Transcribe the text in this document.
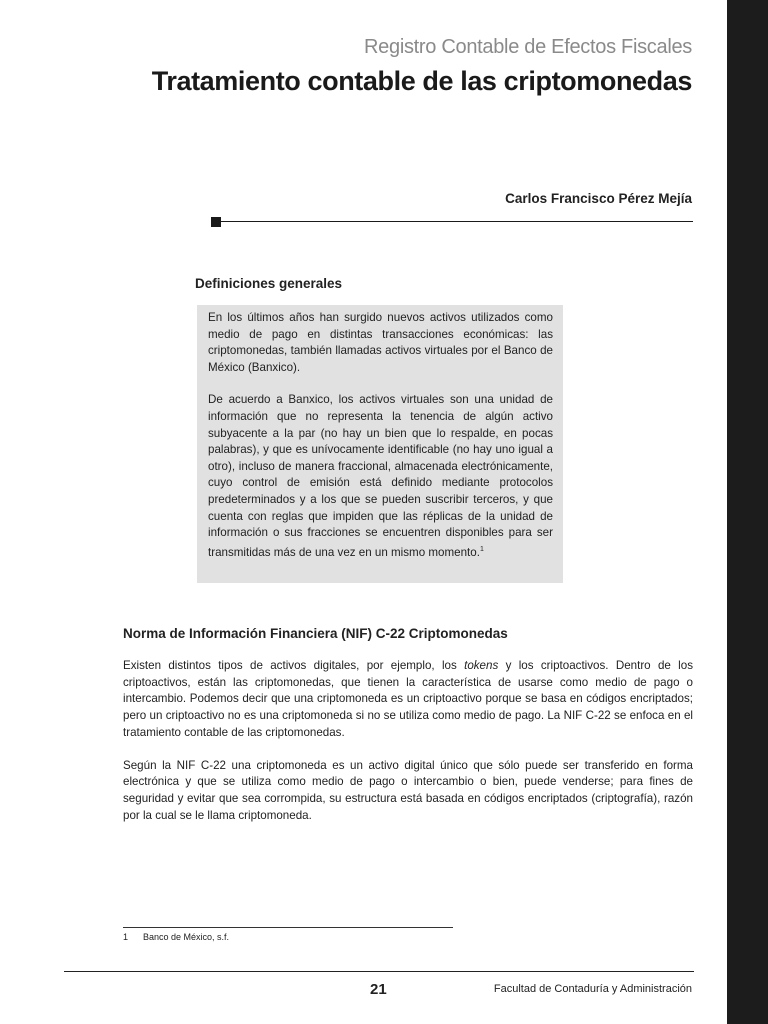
Registro Contable de Efectos Fiscales
Tratamiento contable de las criptomonedas
Carlos Francisco Pérez Mejía
Definiciones generales

En los últimos años han surgido nuevos activos utilizados como medio de pago en distintas transacciones económicas: las criptomonedas, también llamadas activos virtuales por el Banco de México (Banxico).

De acuerdo a Banxico, los activos virtuales son una unidad de información que no representa la tenencia de algún activo subyacente a la par (no hay un bien que lo respalde, en pocas palabras), y que es unívocamente identificable (no hay uno igual a otro), incluso de manera fraccional, almacenada electrónicamente, cuyo control de emisión está definido mediante protocolos predeterminados y a los que se pueden suscribir terceros, y que cuenta con reglas que impiden que las réplicas de la unidad de información o sus fracciones se encuentren disponibles para ser transmitidas más de una vez en un mismo momento.$^1$

Norma de Información Financiera (NIF) C-22 Criptomonedas

Existen distintos tipos de activos digitales, por ejemplo, los tokens y los criptoactivos. Dentro de los criptoactivos, están las criptomonedas, que tienen la característica de usarse como medio de pago o intercambio. Podemos decir que una criptomoneda es un criptoactivo porque se basa en códigos encriptados; pero un criptoactivo no es una criptomoneda si no se utiliza como medio de pago. La NIF C-22 se enfoca en el tratamiento contable de las criptomonedas.

Según la NIF C-22 una criptomoneda es un activo digital único que sólo puede ser transferido en forma electrónica y que se utiliza como medio de pago o intercambio o bien, puede venderse; para fines de seguridad y evitar que sea corrompida, su estructura está basada en códigos encriptados (criptografía), razón por la cual se le llama criptomoneda.

1 Banco de México, s.f.
21	Facultad de Contaduría y Administración
